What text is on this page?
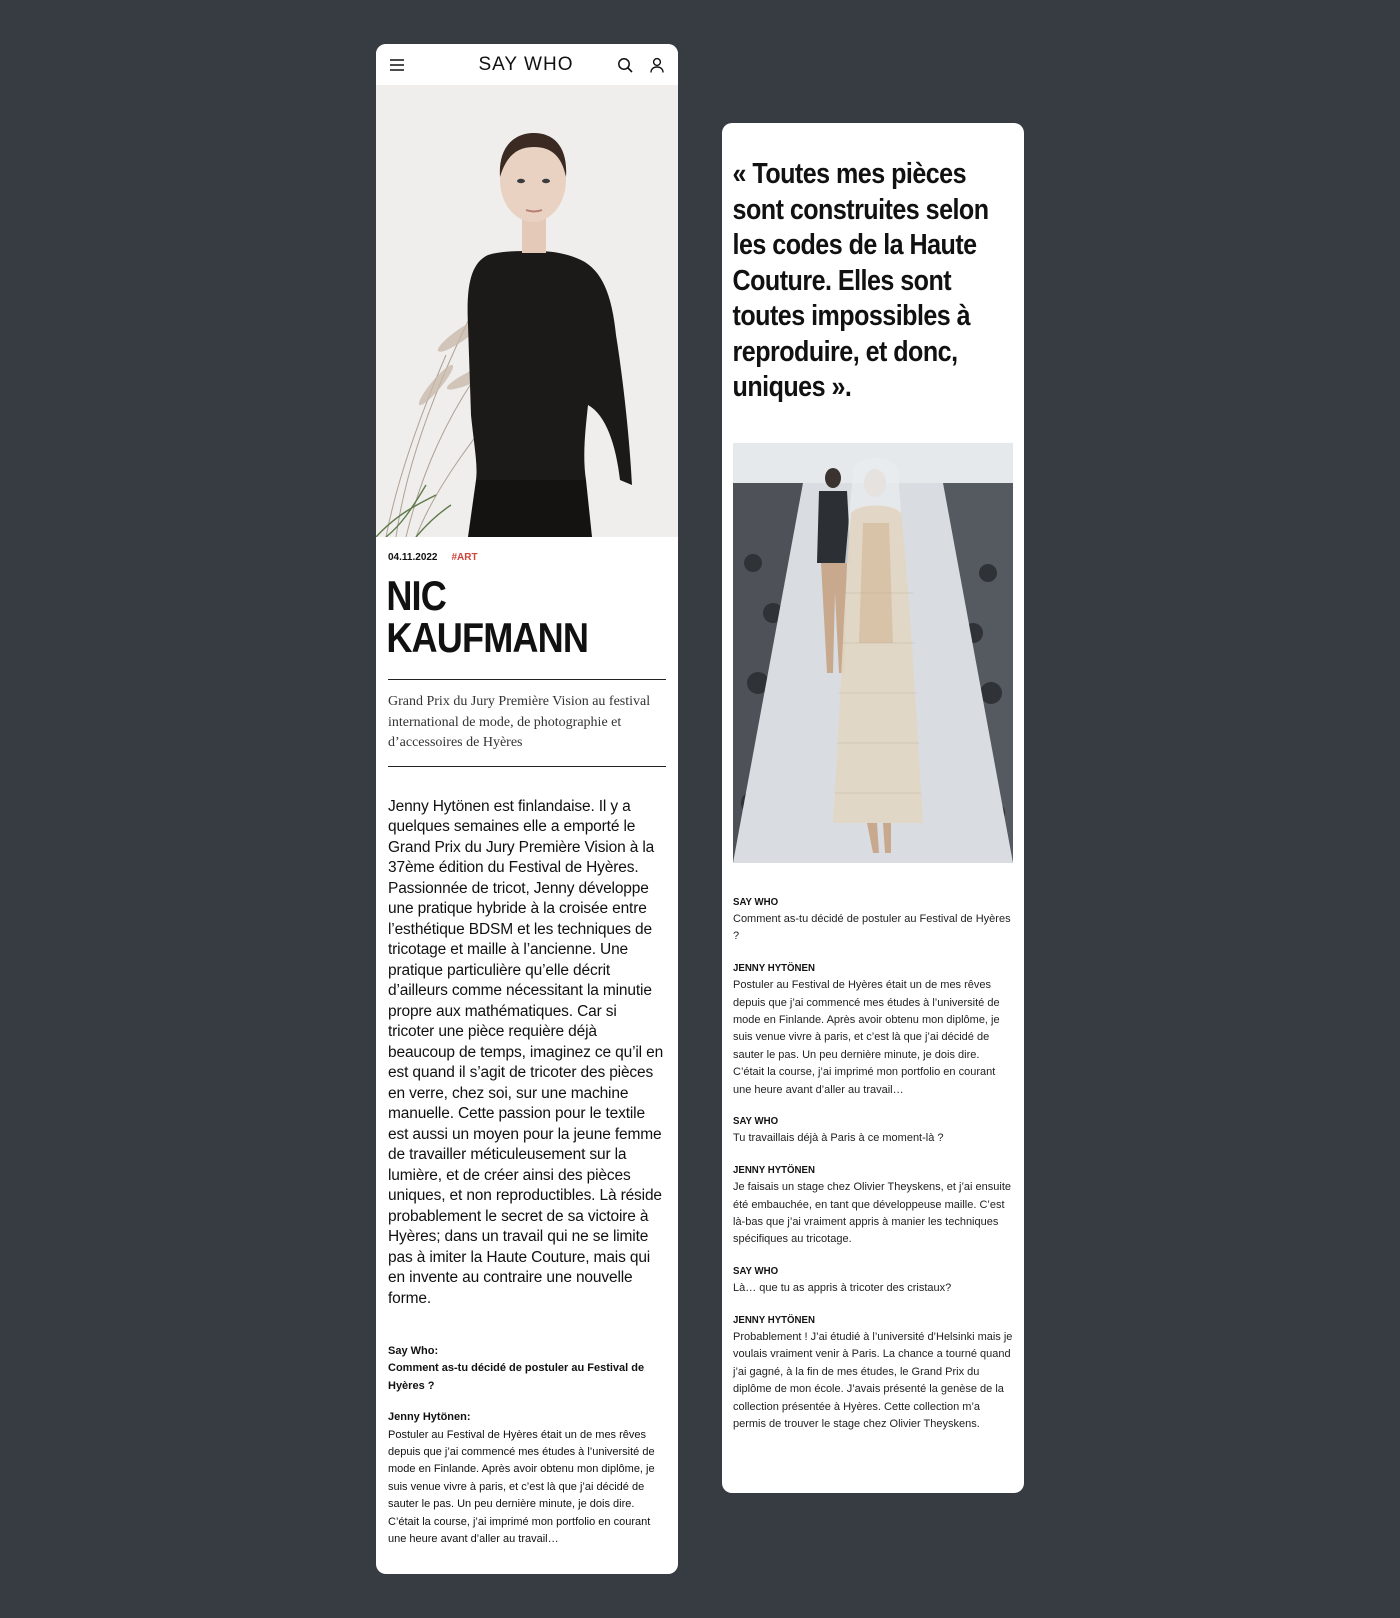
SAY WHO
04.11.2022 #ART
NIC
KAUFMANN

Grand Prix du Jury Première Vision au festival international de mode, de photographie et d’accessoires de Hyères

Jenny Hytönen est finlandaise. Il y a quelques semaines elle a emporté le Grand Prix du Jury Première Vision à la 37ème édition du Festival de Hyères. Passionnée de tricot, Jenny développe une pratique hybride à la croisée entre l’esthétique BDSM et les techniques de tricotage et maille à l’ancienne. Une pratique particulière qu’elle décrit d’ailleurs comme nécessitant la minutie propre aux mathématiques. Car si tricoter une pièce requière déjà beaucoup de temps, imaginez ce qu’il en est quand il s’agit de tricoter des pièces en verre, chez soi, sur une machine manuelle. Cette passion pour le textile est aussi un moyen pour la jeune femme de travailler méticuleusement sur la lumière, et de créer ainsi des pièces uniques, et non reproductibles. Là réside probablement le secret de sa victoire à Hyères; dans un travail qui ne se limite pas à imiter la Haute Couture, mais qui en invente au contraire une nouvelle forme.

Say Who:
Comment as-tu décidé de postuler au Festival de Hyères ?
Jenny Hytönen:
Postuler au Festival de Hyères était un de mes rêves depuis que j’ai commencé mes études à l’université de mode en Finlande. Après avoir obtenu mon diplôme, je suis venue vivre à paris, et c’est là que j’ai décidé de sauter le pas. Un peu dernière minute, je dois dire. C’était la course, j’ai imprimé mon portfolio en courant une heure avant d’aller au travail…

« Toutes mes pièces sont construites selon les codes de la Haute Couture. Elles sont toutes impossibles à reproduire, et donc, uniques ».

SAY WHO
Comment as-tu décidé de postuler au Festival de Hyères ?
JENNY HYTÖNEN
Postuler au Festival de Hyères était un de mes rêves depuis que j’ai commencé mes études à l’université de mode en Finlande. Après avoir obtenu mon diplôme, je suis venue vivre à paris, et c’est là que j’ai décidé de sauter le pas. Un peu dernière minute, je dois dire. C’était la course, j’ai imprimé mon portfolio en courant une heure avant d’aller au travail…
SAY WHO
Tu travaillais déjà à Paris à ce moment-là ?
JENNY HYTÖNEN
Je faisais un stage chez Olivier Theyskens, et j’ai ensuite été embauchée, en tant que développeuse maille. C’est là-bas que j’ai vraiment appris à manier les techniques spécifiques au tricotage.
SAY WHO
Là… que tu as appris à tricoter des cristaux?
JENNY HYTÖNEN
Probablement ! J’ai étudié à l’université d’Helsinki mais je voulais vraiment venir à Paris. La chance a tourné quand j’ai gagné, à la fin de mes études, le Grand Prix du diplôme de mon école. J’avais présenté la genèse de la collection présentée à Hyères. Cette collection m’a permis de trouver le stage chez Olivier Theyskens.
